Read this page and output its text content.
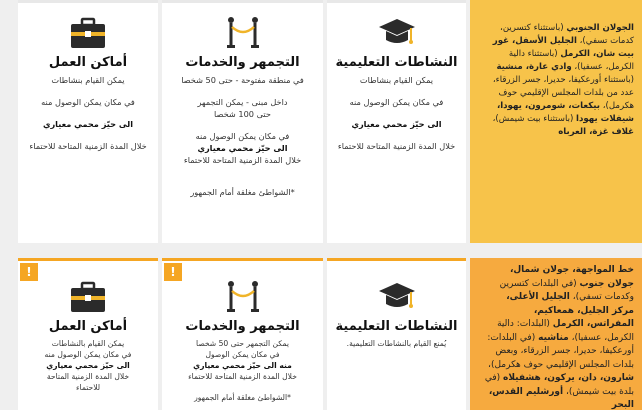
الجولان الجنوبي (باستثناء كتسرين، كدمات تسفي)، الجليل الأسفل، غور بيت شان، الكرمل (باستثناء دالية الكرمل، عسفيا)، وادي عارة، منشية (باستثناء أورعكيفا، حديرا، جسر الزرقاء، عدد من بلدات المجلس الإقليمي حوف هكرمل)، بيكعات، شومرون، يهودا، شيفلات يهودا (باستثناء بيت شيمش)، غلاف غزة، العرباه
النشاطات التعليمية

يمكن القيام بنشاطات

في مكان يمكن الوصول منه

الى حيّز محمي معياري

خلال المدة الزمنية المتاحة للاحتماء

التجمهر والخدمات

في منطقة مفتوحة - حتى 50 شخصا

داخل مبنى - يمكن التجمهر

حتى 100 شخصا

في مكان يمكن الوصول منه

الى حيّز محمي معياري

خلال المدة الزمنية المتاحة للاحتماء

*الشواطئ مغلقة أمام الجمهور

أماكن العمل

يمكن القيام بنشاطات

في مكان يمكن الوصول منه

الى حيّز محمي معياري

خلال المدة الزمنية المتاحة للاحتماء

خط المواجهة، جولان شمال، جولان جنوب (في البلدات كتسرين وكدمات تسفي)، الجليل الأعلى، مركز الجليل، همعاكيم، المفراتس، الكرمل (البلدات: دالية الكرمل، عسفيا)، مناشيه (في البلدات: أورعكيفا، حديرا، جسر الزرقاء، وبعض بلدات المجلس الإقليمي حوف هكرمل)، شارون، دان، يركون، هشفيلاه (في بلدة بيت شيمش)، أورشليم القدس، البحر
النشاطات التعليمية

يُمنع القيام بالنشاطات التعليمية.

!
التجمهر والخدمات

يمكن التجمهر حتى 50 شخصا

في مكان يمكن الوصول

منه الى حيّز محمي معياري

خلال المدة الزمنية المتاحة للاحتماء

*الشواطئ مغلقة أمام الجمهور

!
أماكن العمل

يمكن القيام بالنشاطات

في مكان يمكن الوصول منه

الى حيّز محمي معياري

خلال المدة الزمنية المتاحة

للاحتماء
